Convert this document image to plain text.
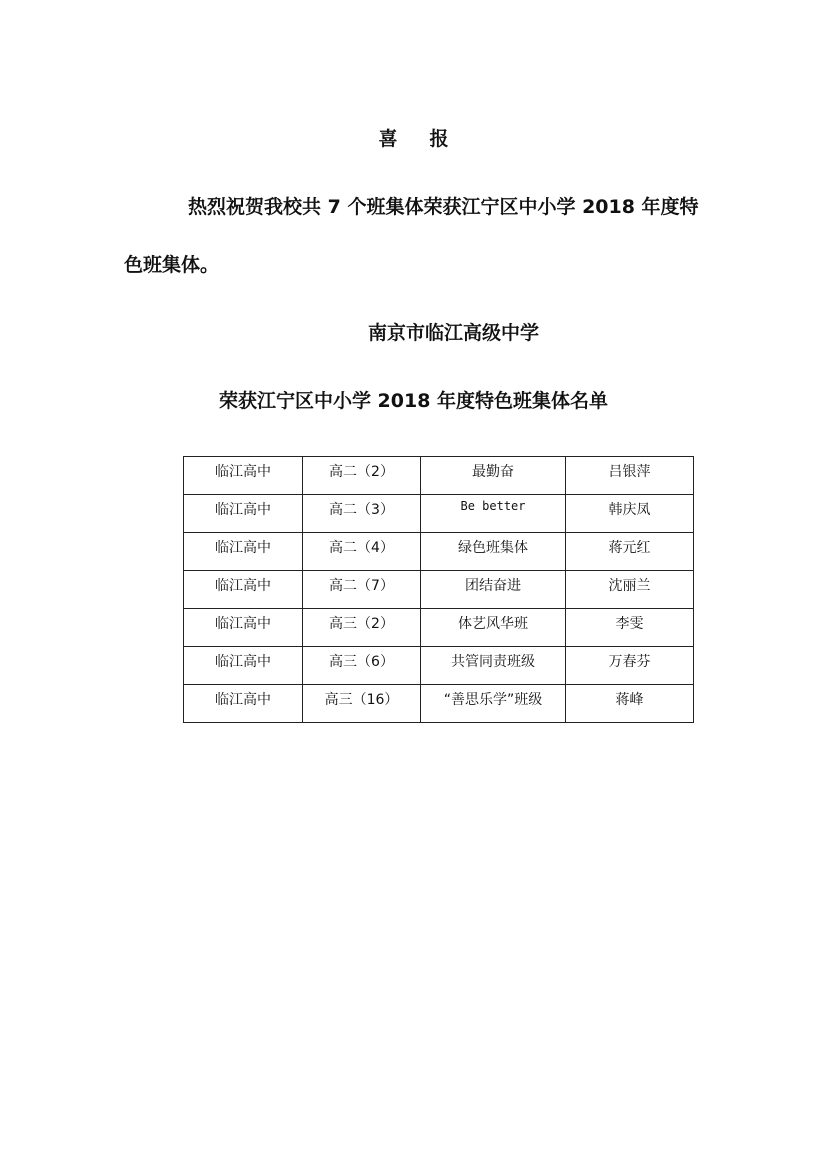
喜 报
热烈祝贺我校共 7 个班集体荣获江宁区中小学 2018 年度特色班集体。
南京市临江高级中学
荣获江宁区中小学 2018 年度特色班集体名单
临江高中	高二（2）	最勤奋	吕银萍
临江高中	高二（3）	Be better	韩庆凤
临江高中	高二（4）	绿色班集体	蒋元红
临江高中	高二（7）	团结奋进	沈丽兰
临江高中	高三（2）	体艺风华班	李雯
临江高中	高三（6）	共管同责班级	万春芬
临江高中	高三（16）	“善思乐学”班级	蒋峰
